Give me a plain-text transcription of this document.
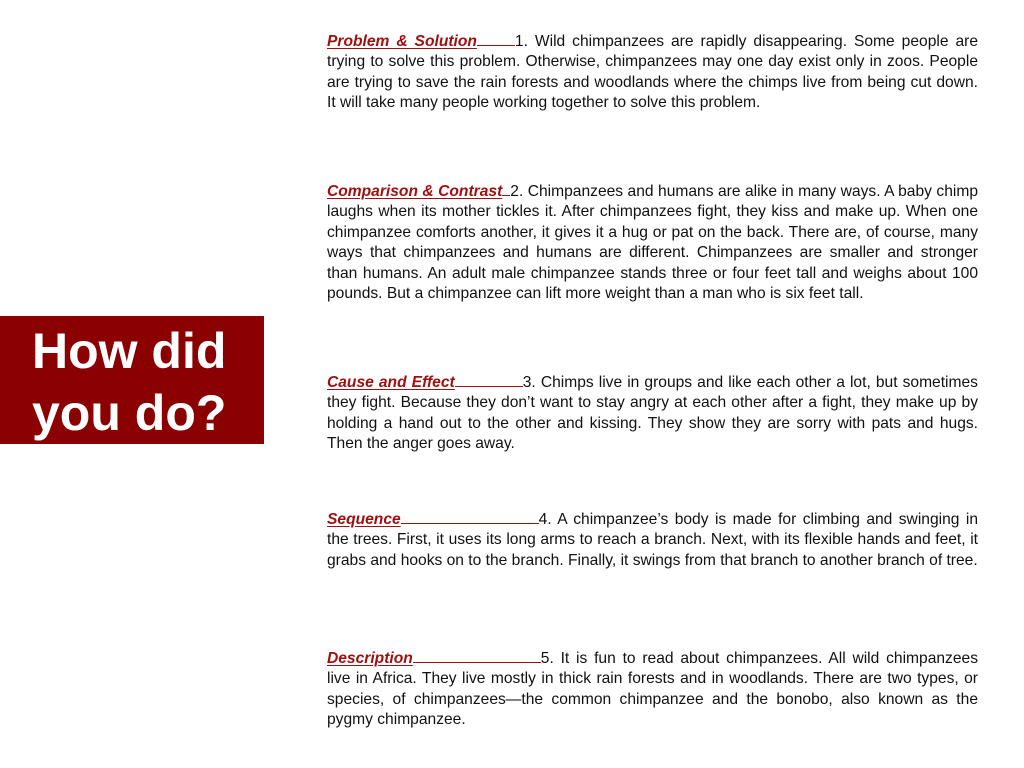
How did
you do?

Problem & Solution 1. Wild chimpanzees are rapidly disappearing. Some people are trying to solve this problem. Otherwise, chimpanzees may one day exist only in zoos. People are trying to save the rain forests and woodlands where the chimps live from being cut down. It will take many people working together to solve this problem.

Comparison & Contrast 2. Chimpanzees and humans are alike in many ways. A baby chimp laughs when its mother tickles it. After chimpanzees fight, they kiss and make up. When one chimpanzee comforts another, it gives it a hug or pat on the back. There are, of course, many ways that chimpanzees and humans are different. Chimpanzees are smaller and stronger than humans. An adult male chimpanzee stands three or four feet tall and weighs about 100 pounds. But a chimpanzee can lift more weight than a man who is six feet tall.

Cause and Effect	3. Chimps live in groups and like each other a lot, but sometimes they fight. Because they don’t want to stay angry at each other after a fight, they make up by holding a hand out to the other and kissing. They show they are sorry with pats and hugs. Then the anger goes away.

Sequence	4. A chimpanzee’s body is made for climbing and swinging in the trees. First, it uses its long arms to reach a branch. Next, with its flexible hands and feet, it grabs and hooks on to the branch. Finally, it swings from that branch to another branch of tree.

Description	5. It is fun to read about chimpanzees. All wild chimpanzees live in Africa. They live mostly in thick rain forests and in woodlands. There are two types, or species, of chimpanzees—the common chimpanzee and the bonobo, also known as the pygmy chimpanzee.
